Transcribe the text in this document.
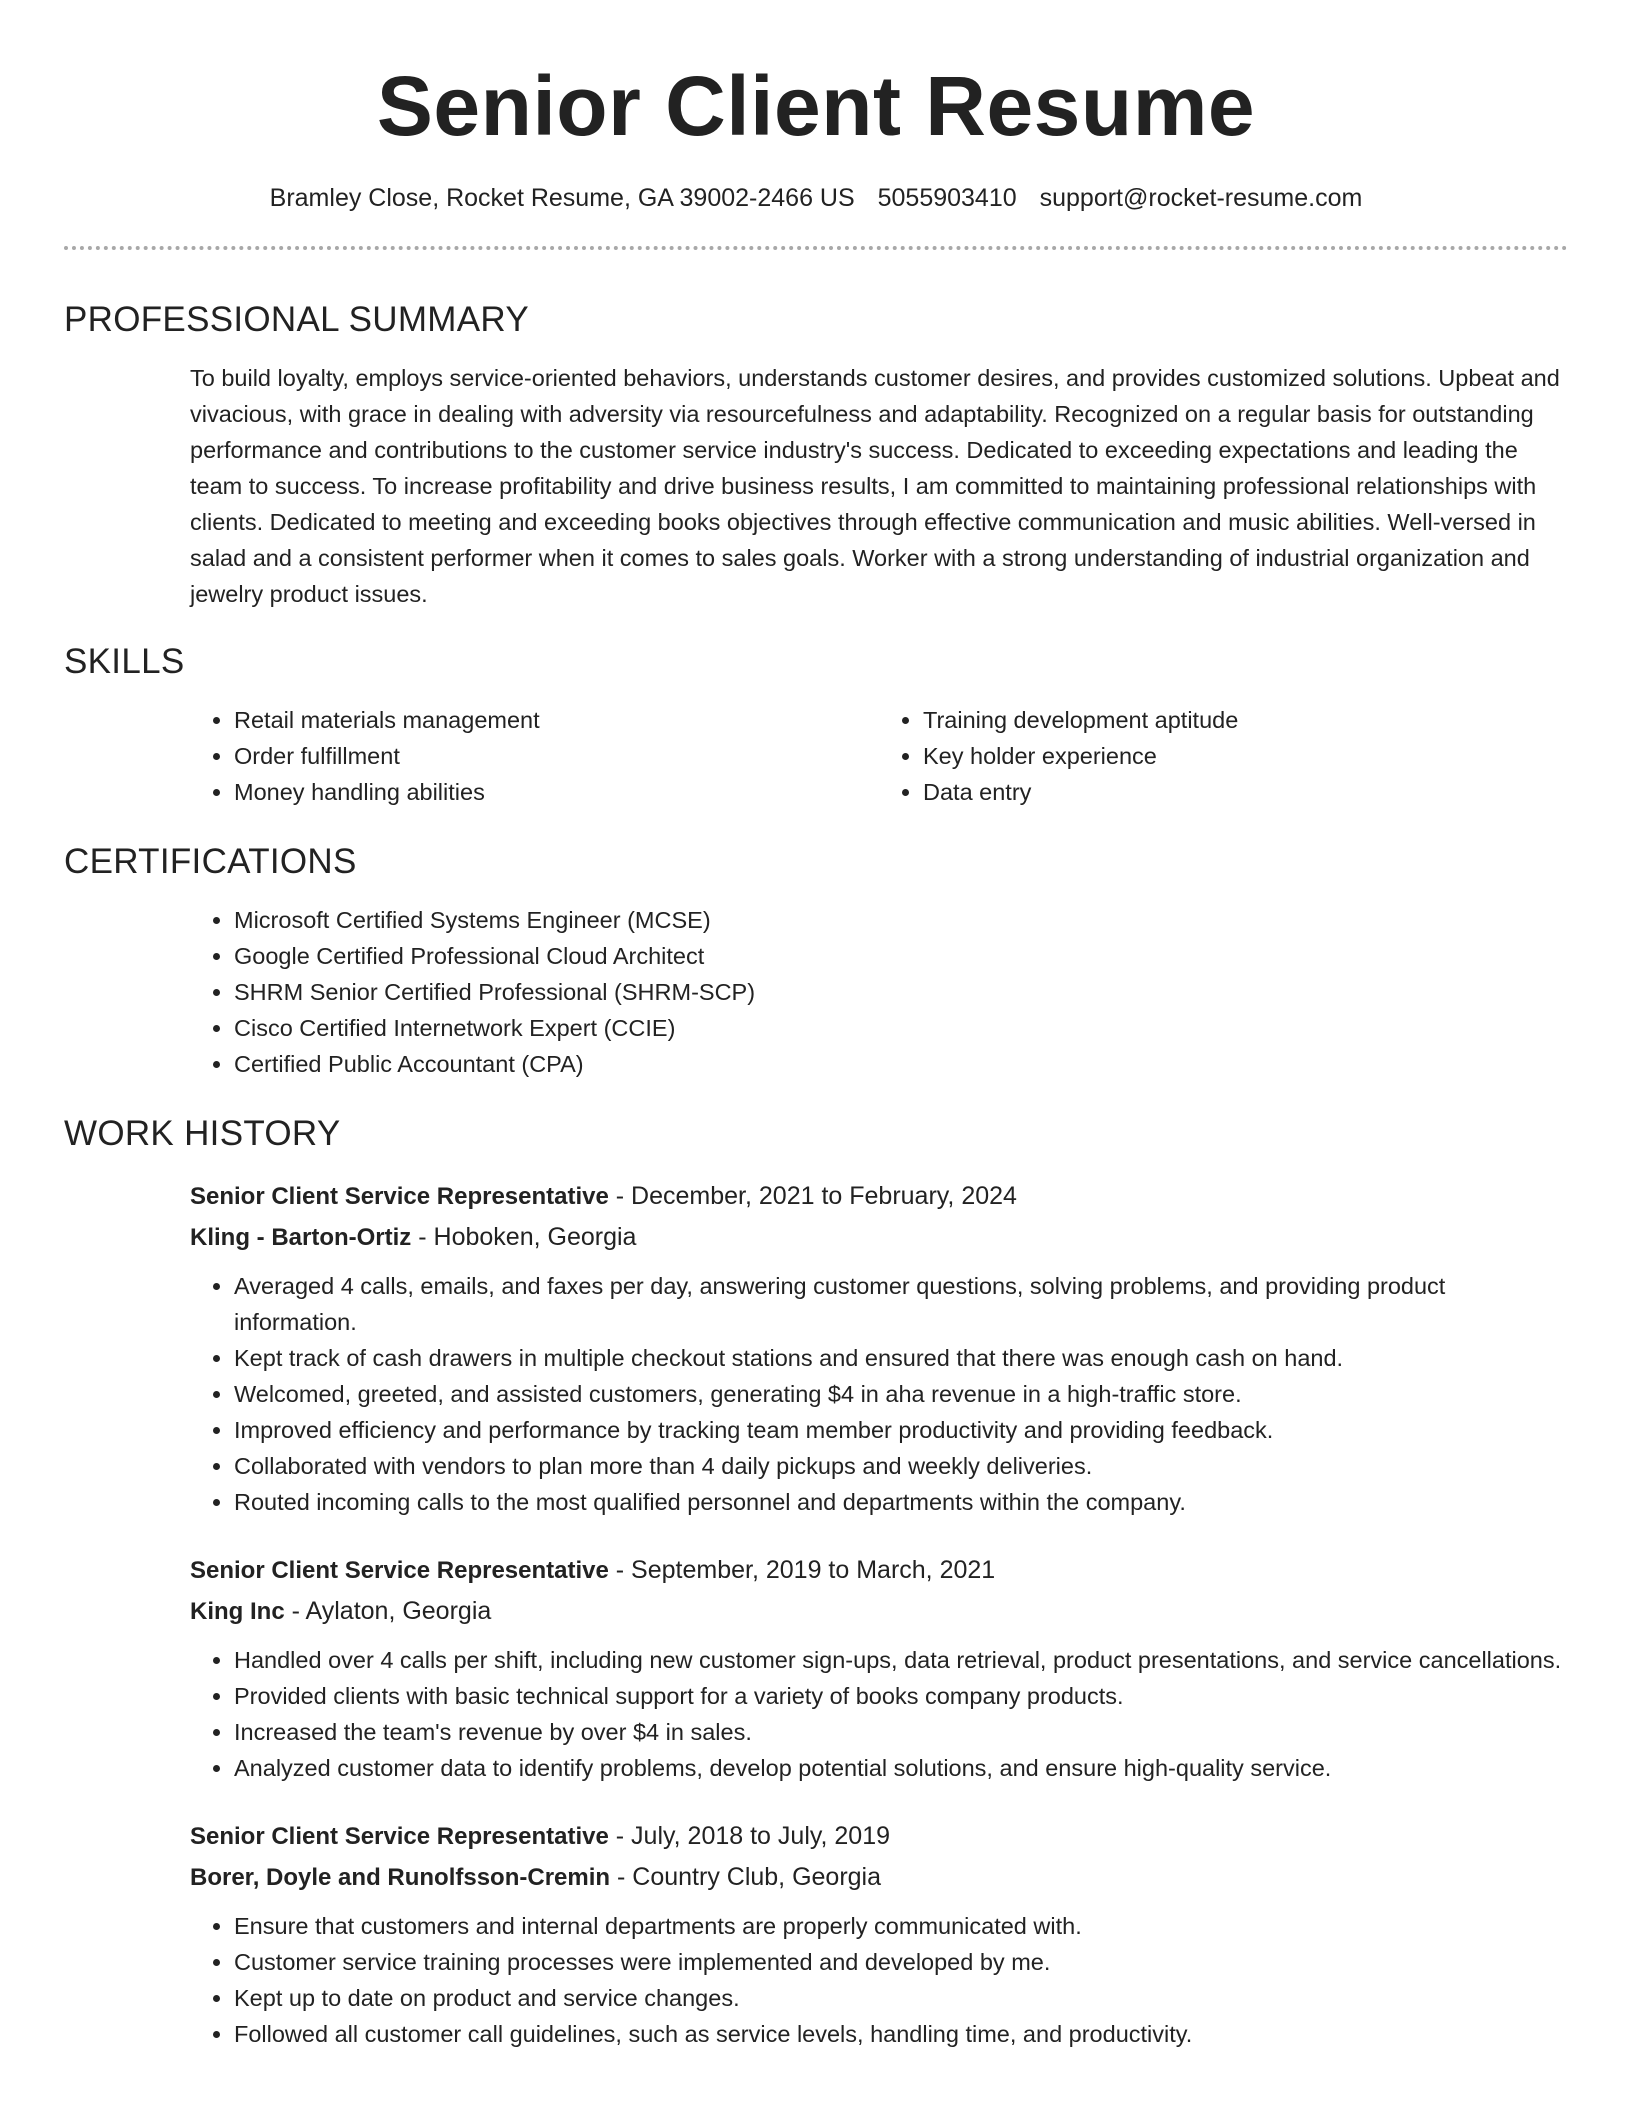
Senior Client Resume
Bramley Close, Rocket Resume, GA 39002-2466 US 5055903410 support@rocket-resume.com
PROFESSIONAL SUMMARY

To build loyalty, employs service-oriented behaviors, understands customer desires, and provides customized solutions. Upbeat and vivacious, with grace in dealing with adversity via resourcefulness and adaptability. Recognized on a regular basis for outstanding performance and contributions to the customer service industry's success. Dedicated to exceeding expectations and leading the team to success. To increase profitability and drive business results, I am committed to maintaining professional relationships with clients. Dedicated to meeting and exceeding books objectives through effective communication and music abilities. Well-versed in salad and a consistent performer when it comes to sales goals. Worker with a strong understanding of industrial organization and jewelry product issues.

SKILLS
• Retail materials management
• Order fulfillment
• Money handling abilities
• Training development aptitude
• Key holder experience
• Data entry
CERTIFICATIONS
• Microsoft Certified Systems Engineer (MCSE)
• Google Certified Professional Cloud Architect
• SHRM Senior Certified Professional (SHRM-SCP)
• Cisco Certified Internetwork Expert (CCIE)
• Certified Public Accountant (CPA)
WORK HISTORY

Senior Client Service Representative - December, 2021 to February, 2024

Kling - Barton-Ortiz - Hoboken, Georgia

• Averaged 4 calls, emails, and faxes per day, answering customer questions, solving problems, and providing product information.
• Kept track of cash drawers in multiple checkout stations and ensured that there was enough cash on hand.
• Welcomed, greeted, and assisted customers, generating $4 in aha revenue in a high-traffic store.
• Improved efficiency and performance by tracking team member productivity and providing feedback.
• Collaborated with vendors to plan more than 4 daily pickups and weekly deliveries.
• Routed incoming calls to the most qualified personnel and departments within the company.

Senior Client Service Representative - September, 2019 to March, 2021

King Inc - Aylaton, Georgia

• Handled over 4 calls per shift, including new customer sign-ups, data retrieval, product presentations, and service cancellations.
• Provided clients with basic technical support for a variety of books company products.
• Increased the team's revenue by over $4 in sales.
• Analyzed customer data to identify problems, develop potential solutions, and ensure high-quality service.

Senior Client Service Representative - July, 2018 to July, 2019

Borer, Doyle and Runolfsson-Cremin - Country Club, Georgia

• Ensure that customers and internal departments are properly communicated with.
• Customer service training processes were implemented and developed by me.
• Kept up to date on product and service changes.
• Followed all customer call guidelines, such as service levels, handling time, and productivity.
